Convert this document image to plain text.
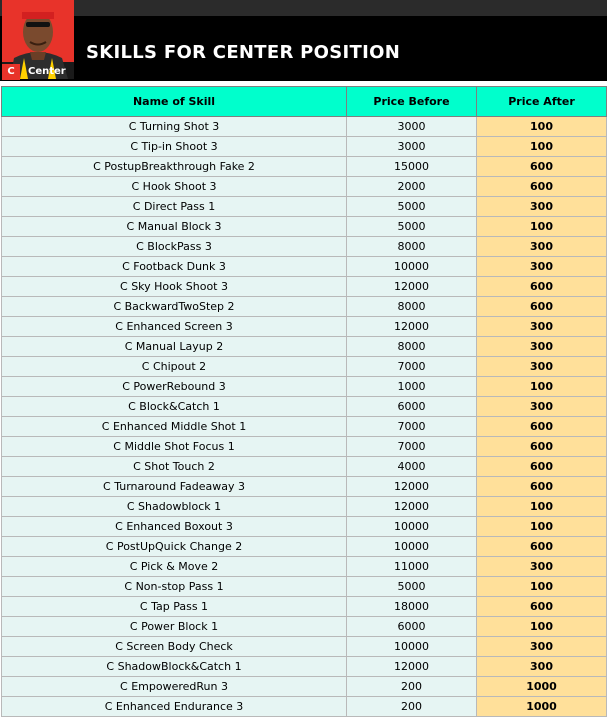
C	Center
SKILLS FOR CENTER POSITION
Name of Skill	Price Before	Price After
C Turning Shot 3	3000	100
C Tip-in Shoot 3	3000	100
C PostupBreakthrough Fake 2	15000	600
C Hook Shoot 3	2000	600
C Direct Pass 1	5000	300
C Manual Block 3	5000	100
C BlockPass 3	8000	300
C Footback Dunk 3	10000	300
C Sky Hook Shoot 3	12000	600
C BackwardTwoStep 2	8000	600
C Enhanced Screen 3	12000	300
C Manual Layup 2	8000	300
C Chipout 2	7000	300
C PowerRebound 3	1000	100
C Block&Catch 1	6000	300
C Enhanced Middle Shot 1	7000	600
C Middle Shot Focus 1	7000	600
C Shot Touch 2	4000	600
C Turnaround Fadeaway 3	12000	600
C Shadowblock 1	12000	100
C Enhanced Boxout 3	10000	100
C PostUpQuick Change 2	10000	600
C Pick & Move 2	11000	300
C Non-stop Pass 1	5000	100
C Tap Pass 1	18000	600
C Power Block 1	6000	100
C Screen Body Check	10000	300
C ShadowBlock&Catch 1	12000	300
C EmpoweredRun 3	200	1000
C Enhanced Endurance 3	200	1000
